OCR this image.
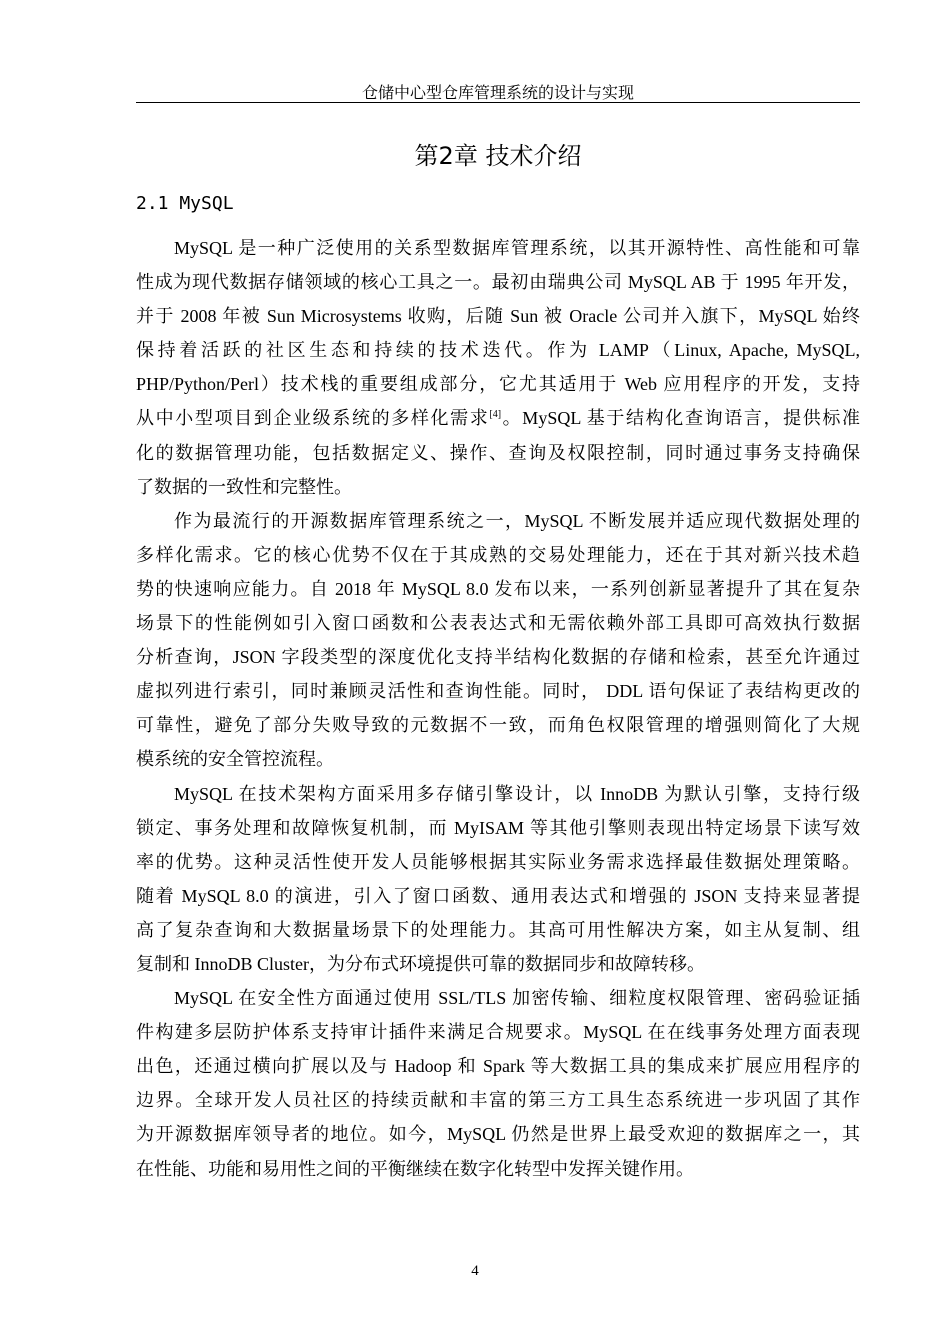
仓储中心型仓库管理系统的设计与实现
第2章 技术介绍
2.1 MySQL
MySQL 是一种广泛使用的关系型数据库管理系统，以其开源特性、高性能和可靠
性成为现代数据存储领域的核心工具之一。最初由瑞典公司 MySQL AB 于 1995 年开发，
并于 2008 年被 Sun Microsystems 收购，后随 Sun 被 Oracle 公司并入旗下，MySQL 始终
保持着活跃的社区生态和持续的技术迭代。作为 LAMP（Linux, Apache, MySQL,
PHP/Python/Perl）技术栈的重要组成部分，它尤其适用于 Web 应用程序的开发，支持
从中小型项目到企业级系统的多样化需求[4]。MySQL 基于结构化查询语言，提供标准
化的数据管理功能，包括数据定义、操作、查询及权限控制，同时通过事务支持确保
了数据的一致性和完整性。
作为最流行的开源数据库管理系统之一，MySQL 不断发展并适应现代数据处理的
多样化需求。它的核心优势不仅在于其成熟的交易处理能力，还在于其对新兴技术趋
势的快速响应能力。自 2018 年 MySQL 8.0 发布以来，一系列创新显著提升了其在复杂
场景下的性能例如引入窗口函数和公表表达式和无需依赖外部工具即可高效执行数据
分析查询，JSON 字段类型的深度优化支持半结构化数据的存储和检索，甚至允许通过
虚拟列进行索引，同时兼顾灵活性和查询性能。同时， DDL 语句保证了表结构更改的
可靠性，避免了部分失败导致的元数据不一致，而角色权限管理的增强则简化了大规
模系统的安全管控流程。
MySQL 在技术架构方面采用多存储引擎设计，以 InnoDB 为默认引擎，支持行级
锁定、事务处理和故障恢复机制，而 MyISAM 等其他引擎则表现出特定场景下读写效
率的优势。这种灵活性使开发人员能够根据其实际业务需求选择最佳数据处理策略。
随着 MySQL 8.0 的演进，引入了窗口函数、通用表达式和增强的 JSON 支持来显著提
高了复杂查询和大数据量场景下的处理能力。其高可用性解决方案，如主从复制、组
复制和 InnoDB Cluster，为分布式环境提供可靠的数据同步和故障转移。
MySQL 在安全性方面通过使用 SSL/TLS 加密传输、细粒度权限管理、密码验证插
件构建多层防护体系支持审计插件来满足合规要求。MySQL 在在线事务处理方面表现
出色，还通过横向扩展以及与 Hadoop 和 Spark 等大数据工具的集成来扩展应用程序的
边界。全球开发人员社区的持续贡献和丰富的第三方工具生态系统进一步巩固了其作
为开源数据库领导者的地位。如今，MySQL 仍然是世界上最受欢迎的数据库之一，其
在性能、功能和易用性之间的平衡继续在数字化转型中发挥关键作用。
4
